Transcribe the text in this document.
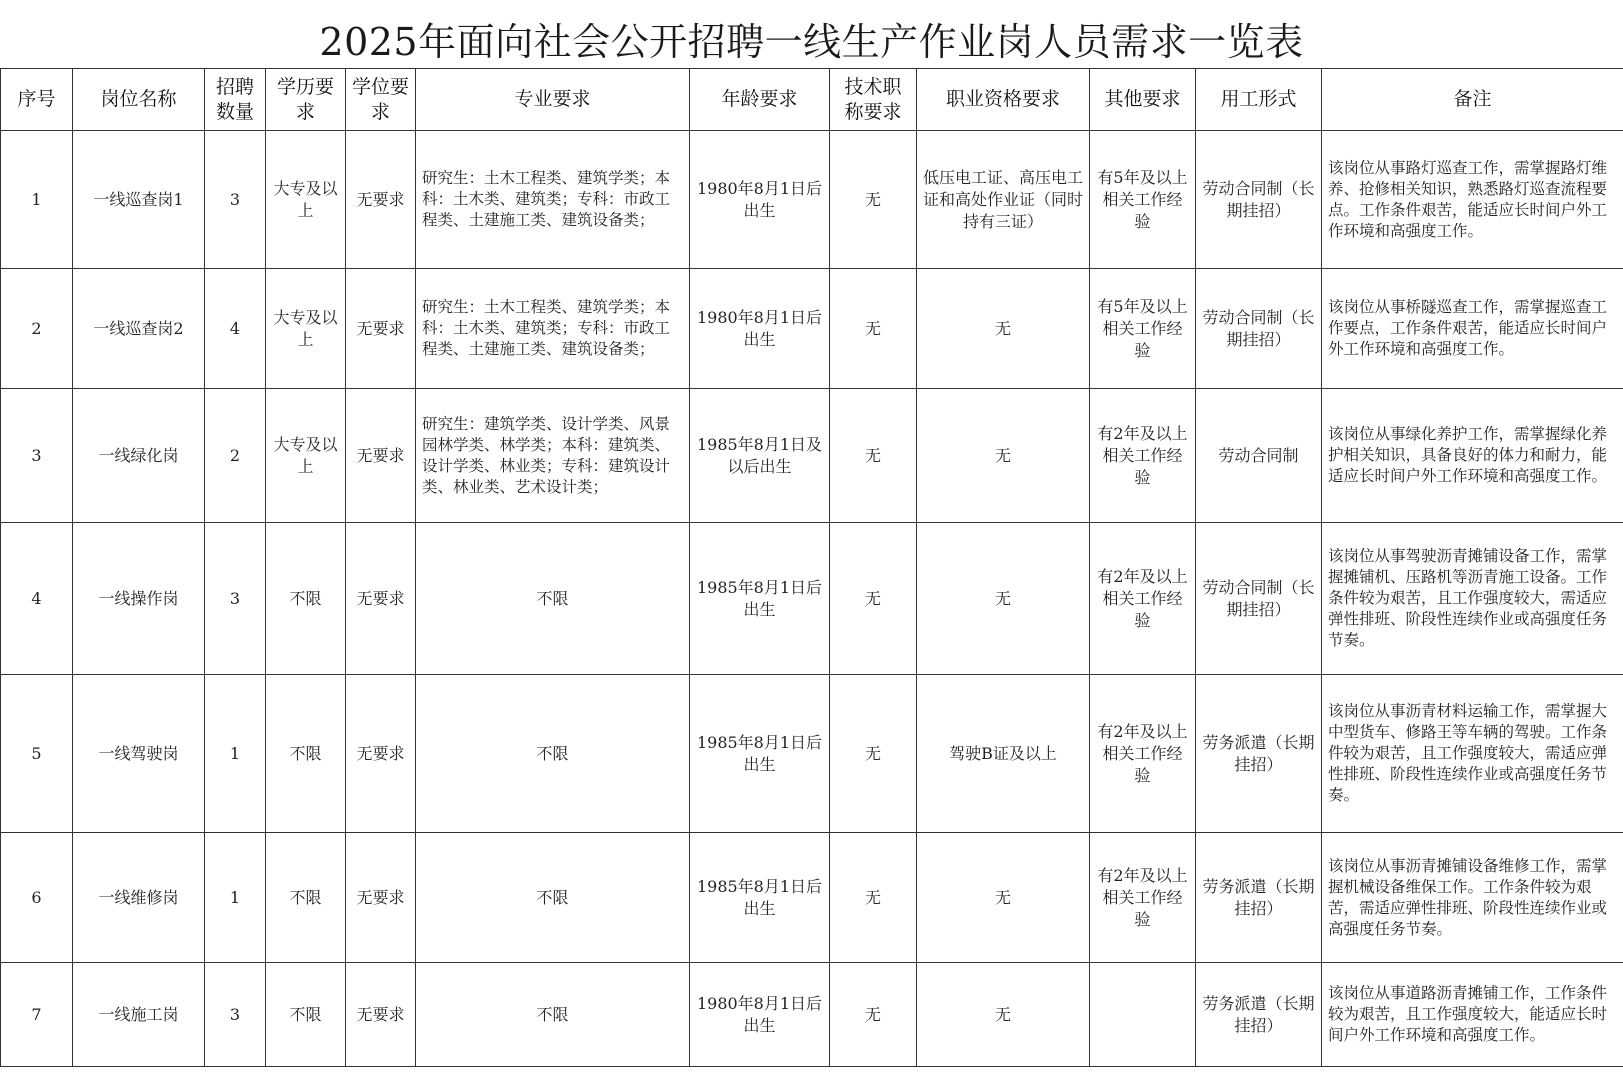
2025年面向社会公开招聘一线生产作业岗人员需求一览表
序号	岗位名称	招聘数量	学历要求	学位要求	专业要求	年龄要求	技术职称要求	职业资格要求	其他要求	用工形式	备注
1	一线巡查岗1	3	大专及以上	无要求	研究生：土木工程类、建筑学类；本科：土木类、建筑类；专科：市政工程类、土建施工类、建筑设备类；	1980年8月1日后出生	无	低压电工证、高压电工证和高处作业证（同时持有三证）	有5年及以上相关工作经验	劳动合同制（长期挂招）	该岗位从事路灯巡查工作，需掌握路灯维养、抢修相关知识，熟悉路灯巡查流程要点。工作条件艰苦，能适应长时间户外工作环境和高强度工作。
2	一线巡查岗2	4	大专及以上	无要求	研究生：土木工程类、建筑学类；本科：土木类、建筑类；专科：市政工程类、土建施工类、建筑设备类；	1980年8月1日后出生	无	无	有5年及以上相关工作经验	劳动合同制（长期挂招）	该岗位从事桥隧巡查工作，需掌握巡查工作要点，工作条件艰苦，能适应长时间户外工作环境和高强度工作。
3	一线绿化岗	2	大专及以上	无要求	研究生：建筑学类、设计学类、风景园林学类、林学类；本科：建筑类、设计学类、林业类；专科：建筑设计类、林业类、艺术设计类；	1985年8月1日及以后出生	无	无	有2年及以上相关工作经验	劳动合同制	该岗位从事绿化养护工作，需掌握绿化养护相关知识，具备良好的体力和耐力，能适应长时间户外工作环境和高强度工作。
4	一线操作岗	3	不限	无要求	不限	1985年8月1日后出生	无	无	有2年及以上相关工作经验	劳动合同制（长期挂招）	该岗位从事驾驶沥青摊铺设备工作，需掌握摊铺机、压路机等沥青施工设备。工作条件较为艰苦，且工作强度较大，需适应弹性排班、阶段性连续作业或高强度任务节奏。
5	一线驾驶岗	1	不限	无要求	不限	1985年8月1日后出生	无	驾驶B证及以上	有2年及以上相关工作经验	劳务派遣（长期挂招）	该岗位从事沥青材料运输工作，需掌握大中型货车、修路王等车辆的驾驶。工作条件较为艰苦，且工作强度较大，需适应弹性排班、阶段性连续作业或高强度任务节奏。
6	一线维修岗	1	不限	无要求	不限	1985年8月1日后出生	无	无	有2年及以上相关工作经验	劳务派遣（长期挂招）	该岗位从事沥青摊铺设备维修工作，需掌握机械设备维保工作。工作条件较为艰苦，需适应弹性排班、阶段性连续作业或高强度任务节奏。
7	一线施工岗	3	不限	无要求	不限	1980年8月1日后出生	无	无		劳务派遣（长期挂招）	该岗位从事道路沥青摊铺工作，工作条件较为艰苦，且工作强度较大，能适应长时间户外工作环境和高强度工作。
